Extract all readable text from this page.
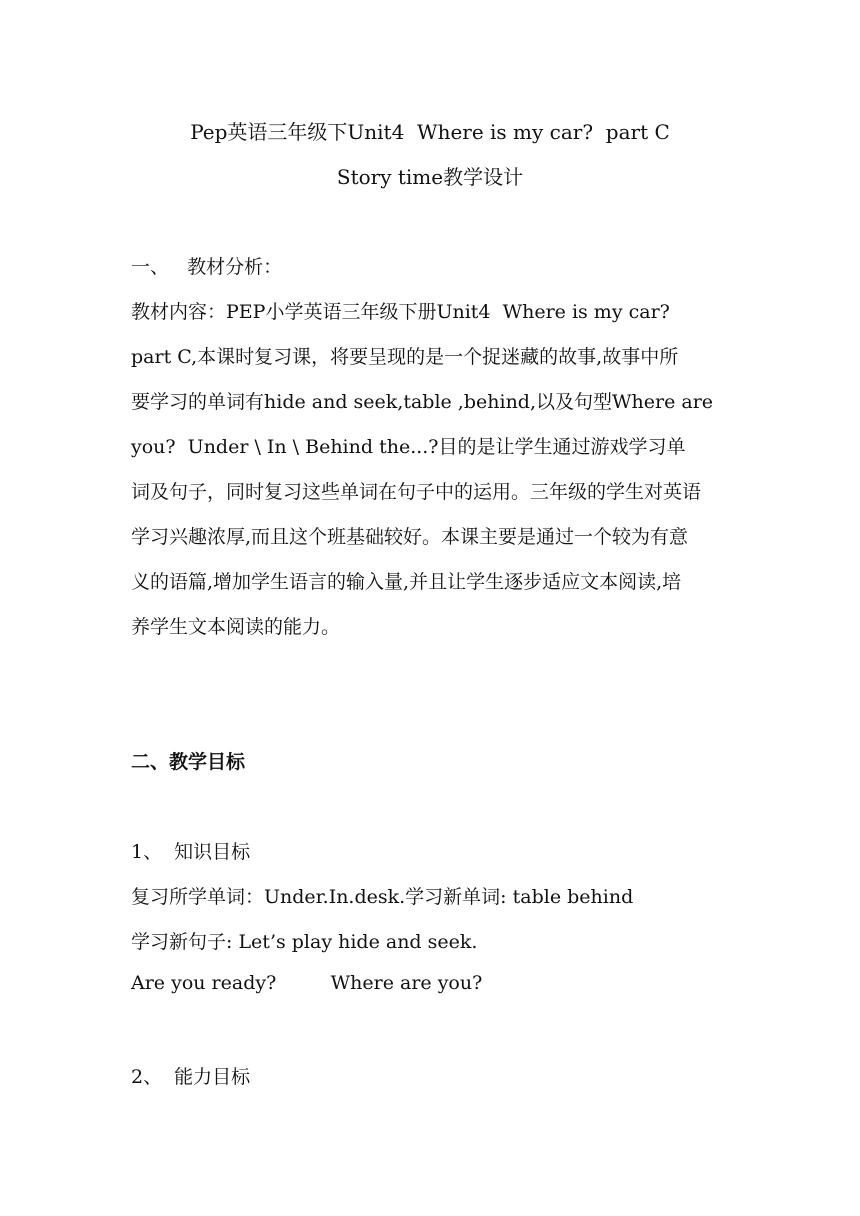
Pep英语三年级下Unit4  Where is my car?  part C
Story time教学设计
一、   教材分析：
教材内容：PEP小学英语三年级下册Unit4  Where is my car?
part C,本课时复习课，将要呈现的是一个捉迷藏的故事,故事中所
要学习的单词有hide and seek,table ,behind,以及句型Where are
you?  Under \ In \ Behind the...?目的是让学生通过游戏学习单
词及句子，同时复习这些单词在句子中的运用。三年级的学生对英语
学习兴趣浓厚,而且这个班基础较好。本课主要是通过一个较为有意
义的语篇,增加学生语言的输入量,并且让学生逐步适应文本阅读,培
养学生文本阅读的能力。
二、教学目标
1、  知识目标
复习所学单词：Under.In.desk.学习新单词: table behind
学习新句子: Let’s play hide and seek.
Are you ready?         Where are you?
2、  能力目标
